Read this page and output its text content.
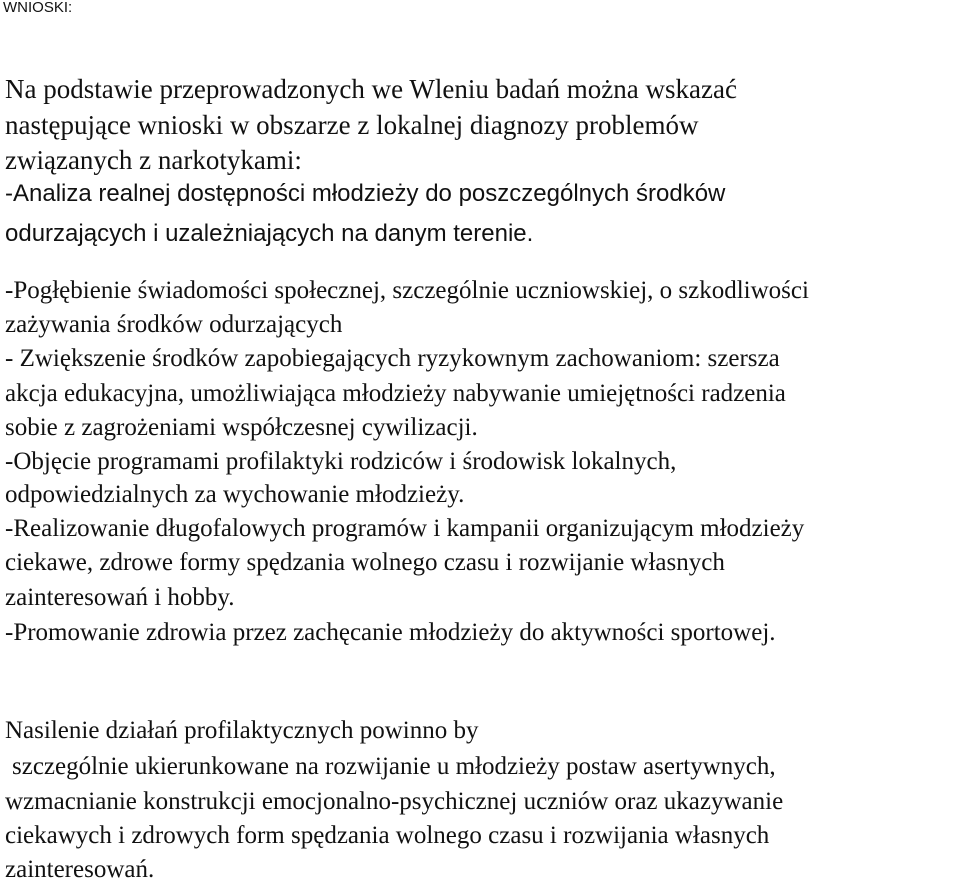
WNIOSKI:
Na podstawie przeprowadzonych we Wleniu badań można wskazać
następujące wnioski w obszarze z lokalnej diagnozy problemów
związanych z narkotykami:
-Analiza realnej dostępności młodzieży do poszczególnych środków
odurzających i uzależniających na danym terenie.
-Pogłębienie świadomości społecznej, szczególnie uczniowskiej, o szkodliwości
zażywania środków odurzających
- Zwiększenie środków zapobiegających ryzykownym zachowaniom: szersza
akcja edukacyjna, umożliwiająca młodzieży nabywanie umiejętności radzenia
sobie z zagrożeniami współczesnej cywilizacji.
-Objęcie programami profilaktyki rodziców i środowisk lokalnych,
odpowiedzialnych za wychowanie młodzieży.
-Realizowanie długofalowych programów i kampanii organizującym młodzieży
ciekawe, zdrowe formy spędzania wolnego czasu i rozwijanie własnych
zainteresowań i hobby.
-Promowanie zdrowia przez zachęcanie młodzieży do aktywności sportowej.
Nasilenie działań profilaktycznych powinno by
szczególnie ukierunkowane na rozwijanie u młodzieży postaw asertywnych,
wzmacnianie konstrukcji emocjonalno-psychicznej uczniów oraz ukazywanie
ciekawych i zdrowych form spędzania wolnego czasu i rozwijania własnych
zainteresowań.
